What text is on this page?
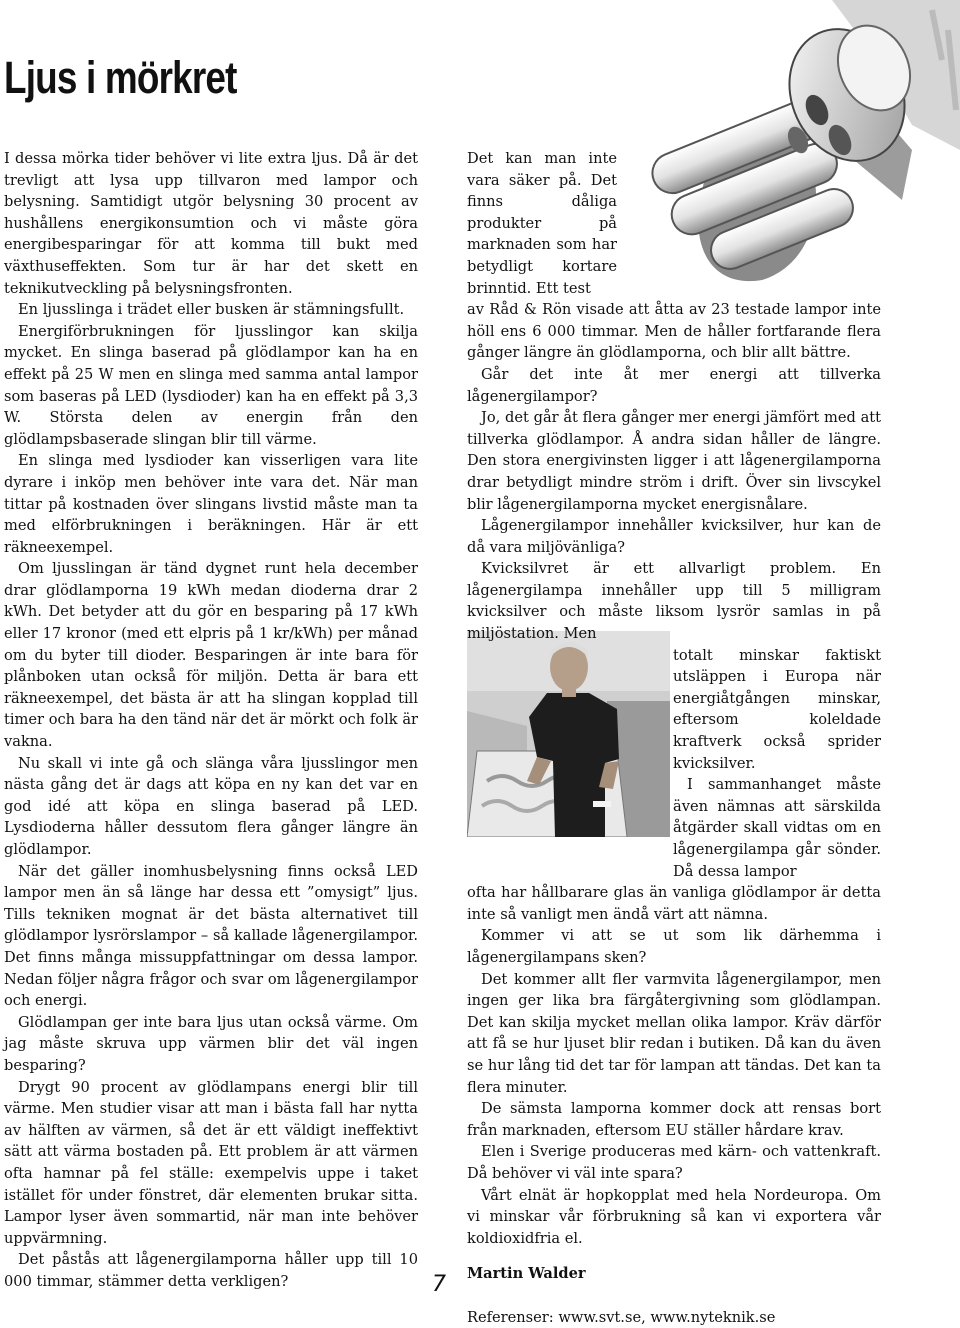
Ljus i mörkret

I dessa mörka tider behöver vi lite extra ljus. Då är det trevligt att lysa upp tillvaron med lampor och belysning. Samtidigt utgör belysning 30 procent av hushållens energikonsumtion och vi måste göra energibesparingar för att komma till bukt med växthuseffekten. Som tur är har det skett en teknikutveckling på belysningsfronten.

En ljusslinga i trädet eller busken är stämningsfullt.

Energiförbrukningen för ljusslingor kan skilja mycket. En slinga baserad på glödlampor kan ha en effekt på 25 W men en slinga med samma antal lampor som baseras på LED (lysdioder) kan ha en effekt på 3,3 W. Största delen av energin från den glödlampsbaserade slingan blir till värme.

En slinga med lysdioder kan visserligen vara lite dyrare i inköp men behöver inte vara det. När man tittar på kostnaden över slingans livstid måste man ta med elförbrukningen i beräkningen. Här är ett räkneexempel.

Om ljusslingan är tänd dygnet runt hela december drar glödlamporna 19 kWh medan dioderna drar 2 kWh. Det betyder att du gör en besparing på 17 kWh eller 17 kronor (med ett elpris på 1 kr/kWh) per månad om du byter till dioder. Besparingen är inte bara för plånboken utan också för miljön. Detta är bara ett räkneexempel, det bästa är att ha slingan kopplad till timer och bara ha den tänd när det är mörkt och folk är vakna.

Nu skall vi inte gå och slänga våra ljusslingor men nästa gång det är dags att köpa en ny kan det var en god idé att köpa en slinga baserad på LED. Lysdioderna håller dessutom flera gånger längre än glödlampor.

När det gäller inomhusbelysning finns också LED lampor men än så länge har dessa ett ”omysigt” ljus. Tills tekniken mognat är det bästa alternativet till glödlampor lysrörslampor – så kallade lågenergilampor. Det finns många missuppfattningar om dessa lampor. Nedan följer några frågor och svar om lågenergilampor och energi.

Glödlampan ger inte bara ljus utan också värme. Om jag måste skruva upp värmen blir det väl ingen besparing?

Drygt 90 procent av glödlampans energi blir till värme. Men studier visar att man i bästa fall har nytta av hälften av värmen, så det är ett väldigt ineffektivt sätt att värma bostaden på. Ett problem är att värmen ofta hamnar på fel ställe: exempelvis uppe i taket istället för under fönstret, där elementen brukar sitta. Lampor lyser även sommartid, när man inte behöver uppvärmning.

Det påstås att lågenergilamporna håller upp till 10 000 timmar, stämmer detta verkligen?

Det kan man inte vara säker på. Det finns dåliga produkter på marknaden som har betydligt kortare brinntid. Ett test

av Råd & Rön visade att åtta av 23 testade lampor inte höll ens 6 000 timmar. Men de håller fortfarande flera gånger längre än glödlamporna, och blir allt bättre.

Går det inte åt mer energi att tillverka lågenergilampor?

Jo, det går åt flera gånger mer energi jämfört med att tillverka glödlampor. Å andra sidan håller de längre. Den stora energivinsten ligger i att lågenergilamporna drar betydligt mindre ström i drift. Över sin livscykel blir lågenergilamporna mycket energisnålare.

Lågenergilampor innehåller kvicksilver, hur kan de då vara miljövänliga?

Kvicksilvret är ett allvarligt problem. En lågenergilampa innehåller upp till 5 milligram kvicksilver och måste liksom lysrör samlas in på miljöstation. Men

totalt minskar faktiskt utsläppen i Europa när energiåtgången minskar, eftersom koleldade kraftverk också sprider kvicksilver.

I sammanhanget måste även nämnas att särskilda åtgärder skall vidtas om en lågenergilampa går sönder. Då dessa lampor

ofta har hållbarare glas än vanliga glödlampor är detta inte så vanligt men ändå värt att nämna.

Kommer vi att se ut som lik därhemma i lågenergilampans sken?

Det kommer allt fler varmvita lågenergilampor, men ingen ger lika bra färgåtergivning som glödlampan. Det kan skilja mycket mellan olika lampor. Kräv därför att få se hur ljuset blir redan i butiken. Då kan du även se hur lång tid det tar för lampan att tändas. Det kan ta flera minuter.

De sämsta lamporna kommer dock att rensas bort från marknaden, eftersom EU ställer hårdare krav.

Elen i Sverige produceras med kärn- och vattenkraft. Då behöver vi väl inte spara?

Vårt elnät är hopkopplat med hela Nordeuropa. Om vi minskar vår förbrukning så kan vi exportera vår koldioxidfria el.

Martin Walder

Referenser: www.svt.se, www.nyteknik.se

7
